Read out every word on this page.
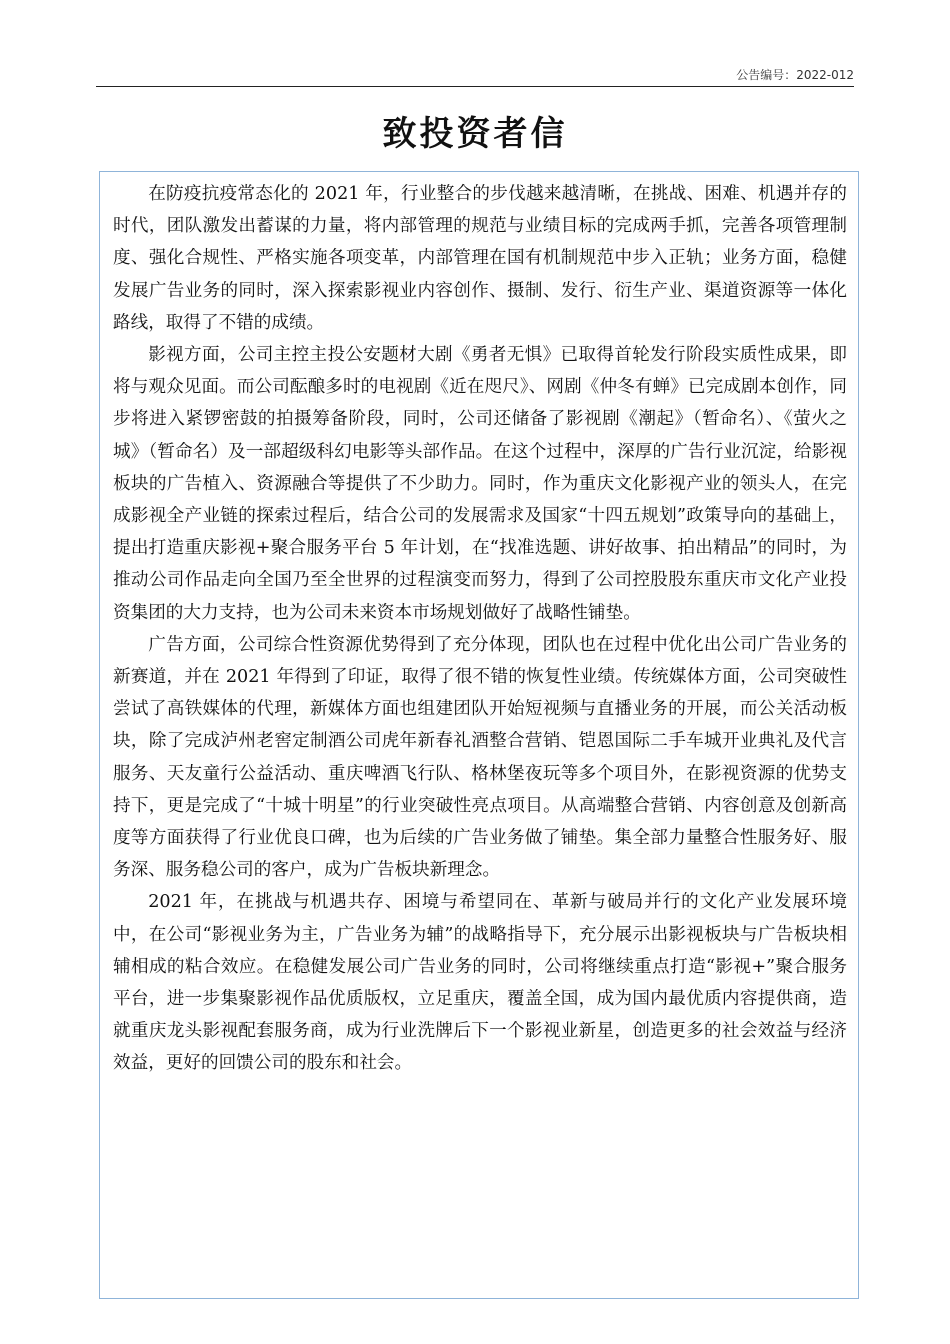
公告编号：2022-012
致投资者信

在防疫抗疫常态化的 2021 年，行业整合的步伐越来越清晰，在挑战、困难、机遇并存的时代，团队激发出蓄谋的力量，将内部管理的规范与业绩目标的完成两手抓，完善各项管理制度、强化合规性、严格实施各项变革，内部管理在国有机制规范中步入正轨；业务方面，稳健发展广告业务的同时，深入探索影视业内容创作、摄制、发行、衍生产业、渠道资源等一体化路线，取得了不错的成绩。

影视方面，公司主控主投公安题材大剧《勇者无惧》已取得首轮发行阶段实质性成果，即将与观众见面。而公司酝酿多时的电视剧《近在咫尺》、网剧《仲冬有蝉》已完成剧本创作，同步将进入紧锣密鼓的拍摄筹备阶段，同时，公司还储备了影视剧《潮起》（暂命名）、《萤火之城》（暂命名）及一部超级科幻电影等头部作品。在这个过程中，深厚的广告行业沉淀，给影视板块的广告植入、资源融合等提供了不少助力。同时，作为重庆文化影视产业的领头人，在完成影视全产业链的探索过程后，结合公司的发展需求及国家“十四五规划”政策导向的基础上，提出打造重庆影视+聚合服务平台 5 年计划，在“找准选题、讲好故事、拍出精品”的同时，为推动公司作品走向全国乃至全世界的过程演变而努力，得到了公司控股股东重庆市文化产业投资集团的大力支持，也为公司未来资本市场规划做好了战略性铺垫。

广告方面，公司综合性资源优势得到了充分体现，团队也在过程中优化出公司广告业务的新赛道，并在 2021 年得到了印证，取得了很不错的恢复性业绩。传统媒体方面，公司突破性尝试了高铁媒体的代理，新媒体方面也组建团队开始短视频与直播业务的开展，而公关活动板块，除了完成泸州老窖定制酒公司虎年新春礼酒整合营销、铠恩国际二手车城开业典礼及代言服务、天友童行公益活动、重庆啤酒飞行队、格林堡夜玩等多个项目外，在影视资源的优势支持下，更是完成了“十城十明星”的行业突破性亮点项目。从高端整合营销、内容创意及创新高度等方面获得了行业优良口碑，也为后续的广告业务做了铺垫。集全部力量整合性服务好、服务深、服务稳公司的客户，成为广告板块新理念。

2021 年，在挑战与机遇共存、困境与希望同在、革新与破局并行的文化产业发展环境中，在公司“影视业务为主，广告业务为辅”的战略指导下，充分展示出影视板块与广告板块相辅相成的粘合效应。在稳健发展公司广告业务的同时，公司将继续重点打造“影视+”聚合服务平台，进一步集聚影视作品优质版权，立足重庆，覆盖全国，成为国内最优质内容提供商，造就重庆龙头影视配套服务商，成为行业洗牌后下一个影视业新星，创造更多的社会效益与经济效益，更好的回馈公司的股东和社会。
